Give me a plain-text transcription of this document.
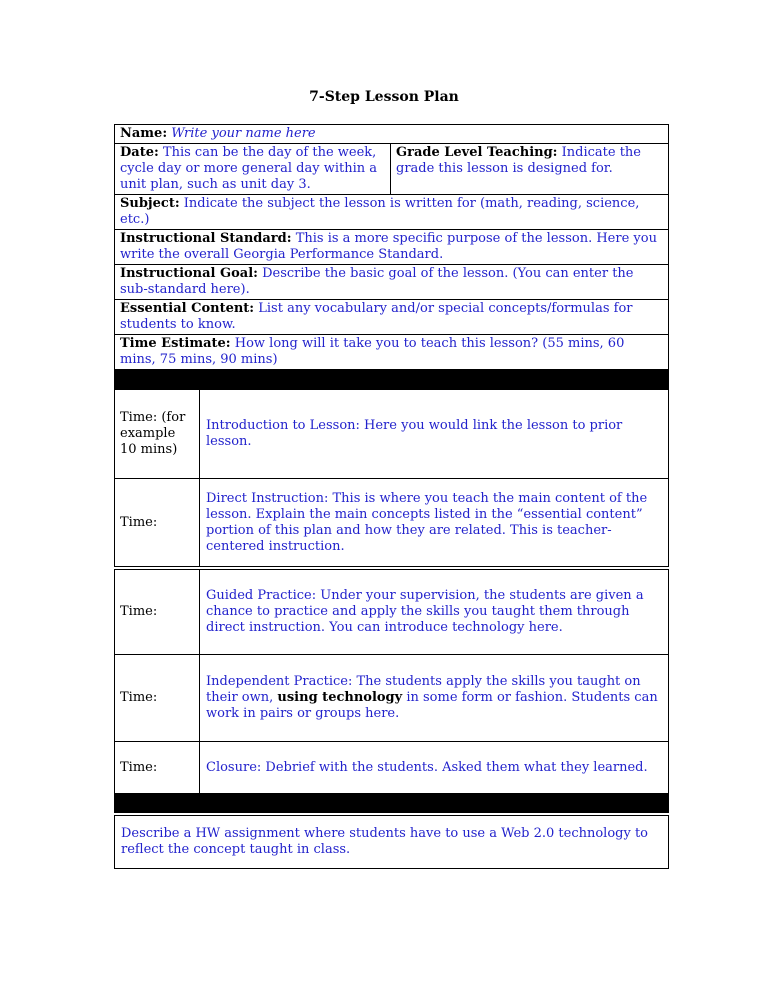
7-Step Lesson Plan
Name: Write your name here
Date: This can be the day of the week, cycle day or more general day within a unit plan, such as unit day 3.
Grade Level Teaching: Indicate the grade this lesson is designed for.
Subject: Indicate the subject the lesson is written for (math, reading, science, etc.)
Instructional Standard: This is a more specific purpose of the lesson. Here you write the overall Georgia Performance Standard.
Instructional Goal: Describe the basic goal of the lesson. (You can enter the sub-standard here).
Essential Content: List any vocabulary and/or special concepts/formulas for students to know.
Time Estimate: How long will it take you to teach this lesson? (55 mins, 60 mins, 75 mins, 90 mins)
Time: (for example 10 mins)
Introduction to Lesson: Here you would link the lesson to prior lesson.
Time:
Direct Instruction: This is where you teach the main content of the lesson. Explain the main concepts listed in the “essential content” portion of this plan and how they are related. This is teacher-centered instruction.
Time:
Guided Practice: Under your supervision, the students are given a chance to practice and apply the skills you taught them through direct instruction. You can introduce technology here.
Time:
Independent Practice: The students apply the skills you taught on their own, using technology in some form or fashion. Students can work in pairs or groups here.
Time:	Closure: Debrief with the students. Asked them what they learned.
Describe a HW assignment where students have to use a Web 2.0 technology to reflect the concept taught in class.
